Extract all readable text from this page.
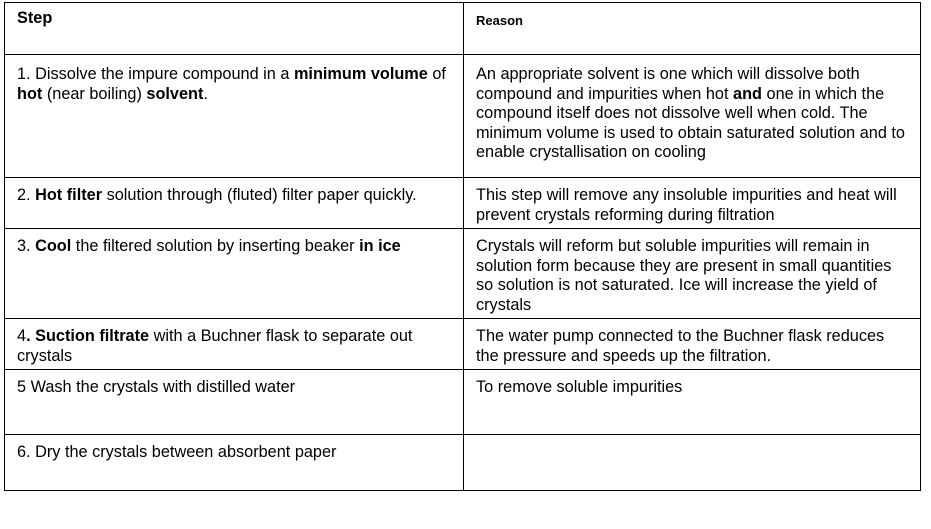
Step	Reason
1. Dissolve the impure compound in a minimum volume of hot (near boiling) solvent.	An appropriate solvent is one which will dissolve both compound and impurities when hot and one in which the compound itself does not dissolve well when cold. The minimum volume is used to obtain saturated solution and to enable crystallisation on cooling
2. Hot filter solution through (fluted) filter paper quickly.	This step will remove any insoluble impurities and heat will prevent crystals reforming during filtration
3. Cool the filtered solution by inserting beaker in ice	Crystals will reform but soluble impurities will remain in solution form because they are present in small quantities so solution is not saturated. Ice will increase the yield of crystals
4. Suction filtrate with a Buchner flask to separate out crystals	The water pump connected to the Buchner flask reduces the pressure and speeds up the filtration.
5 Wash the crystals with distilled water	To remove soluble impurities
6. Dry the crystals between absorbent paper	
